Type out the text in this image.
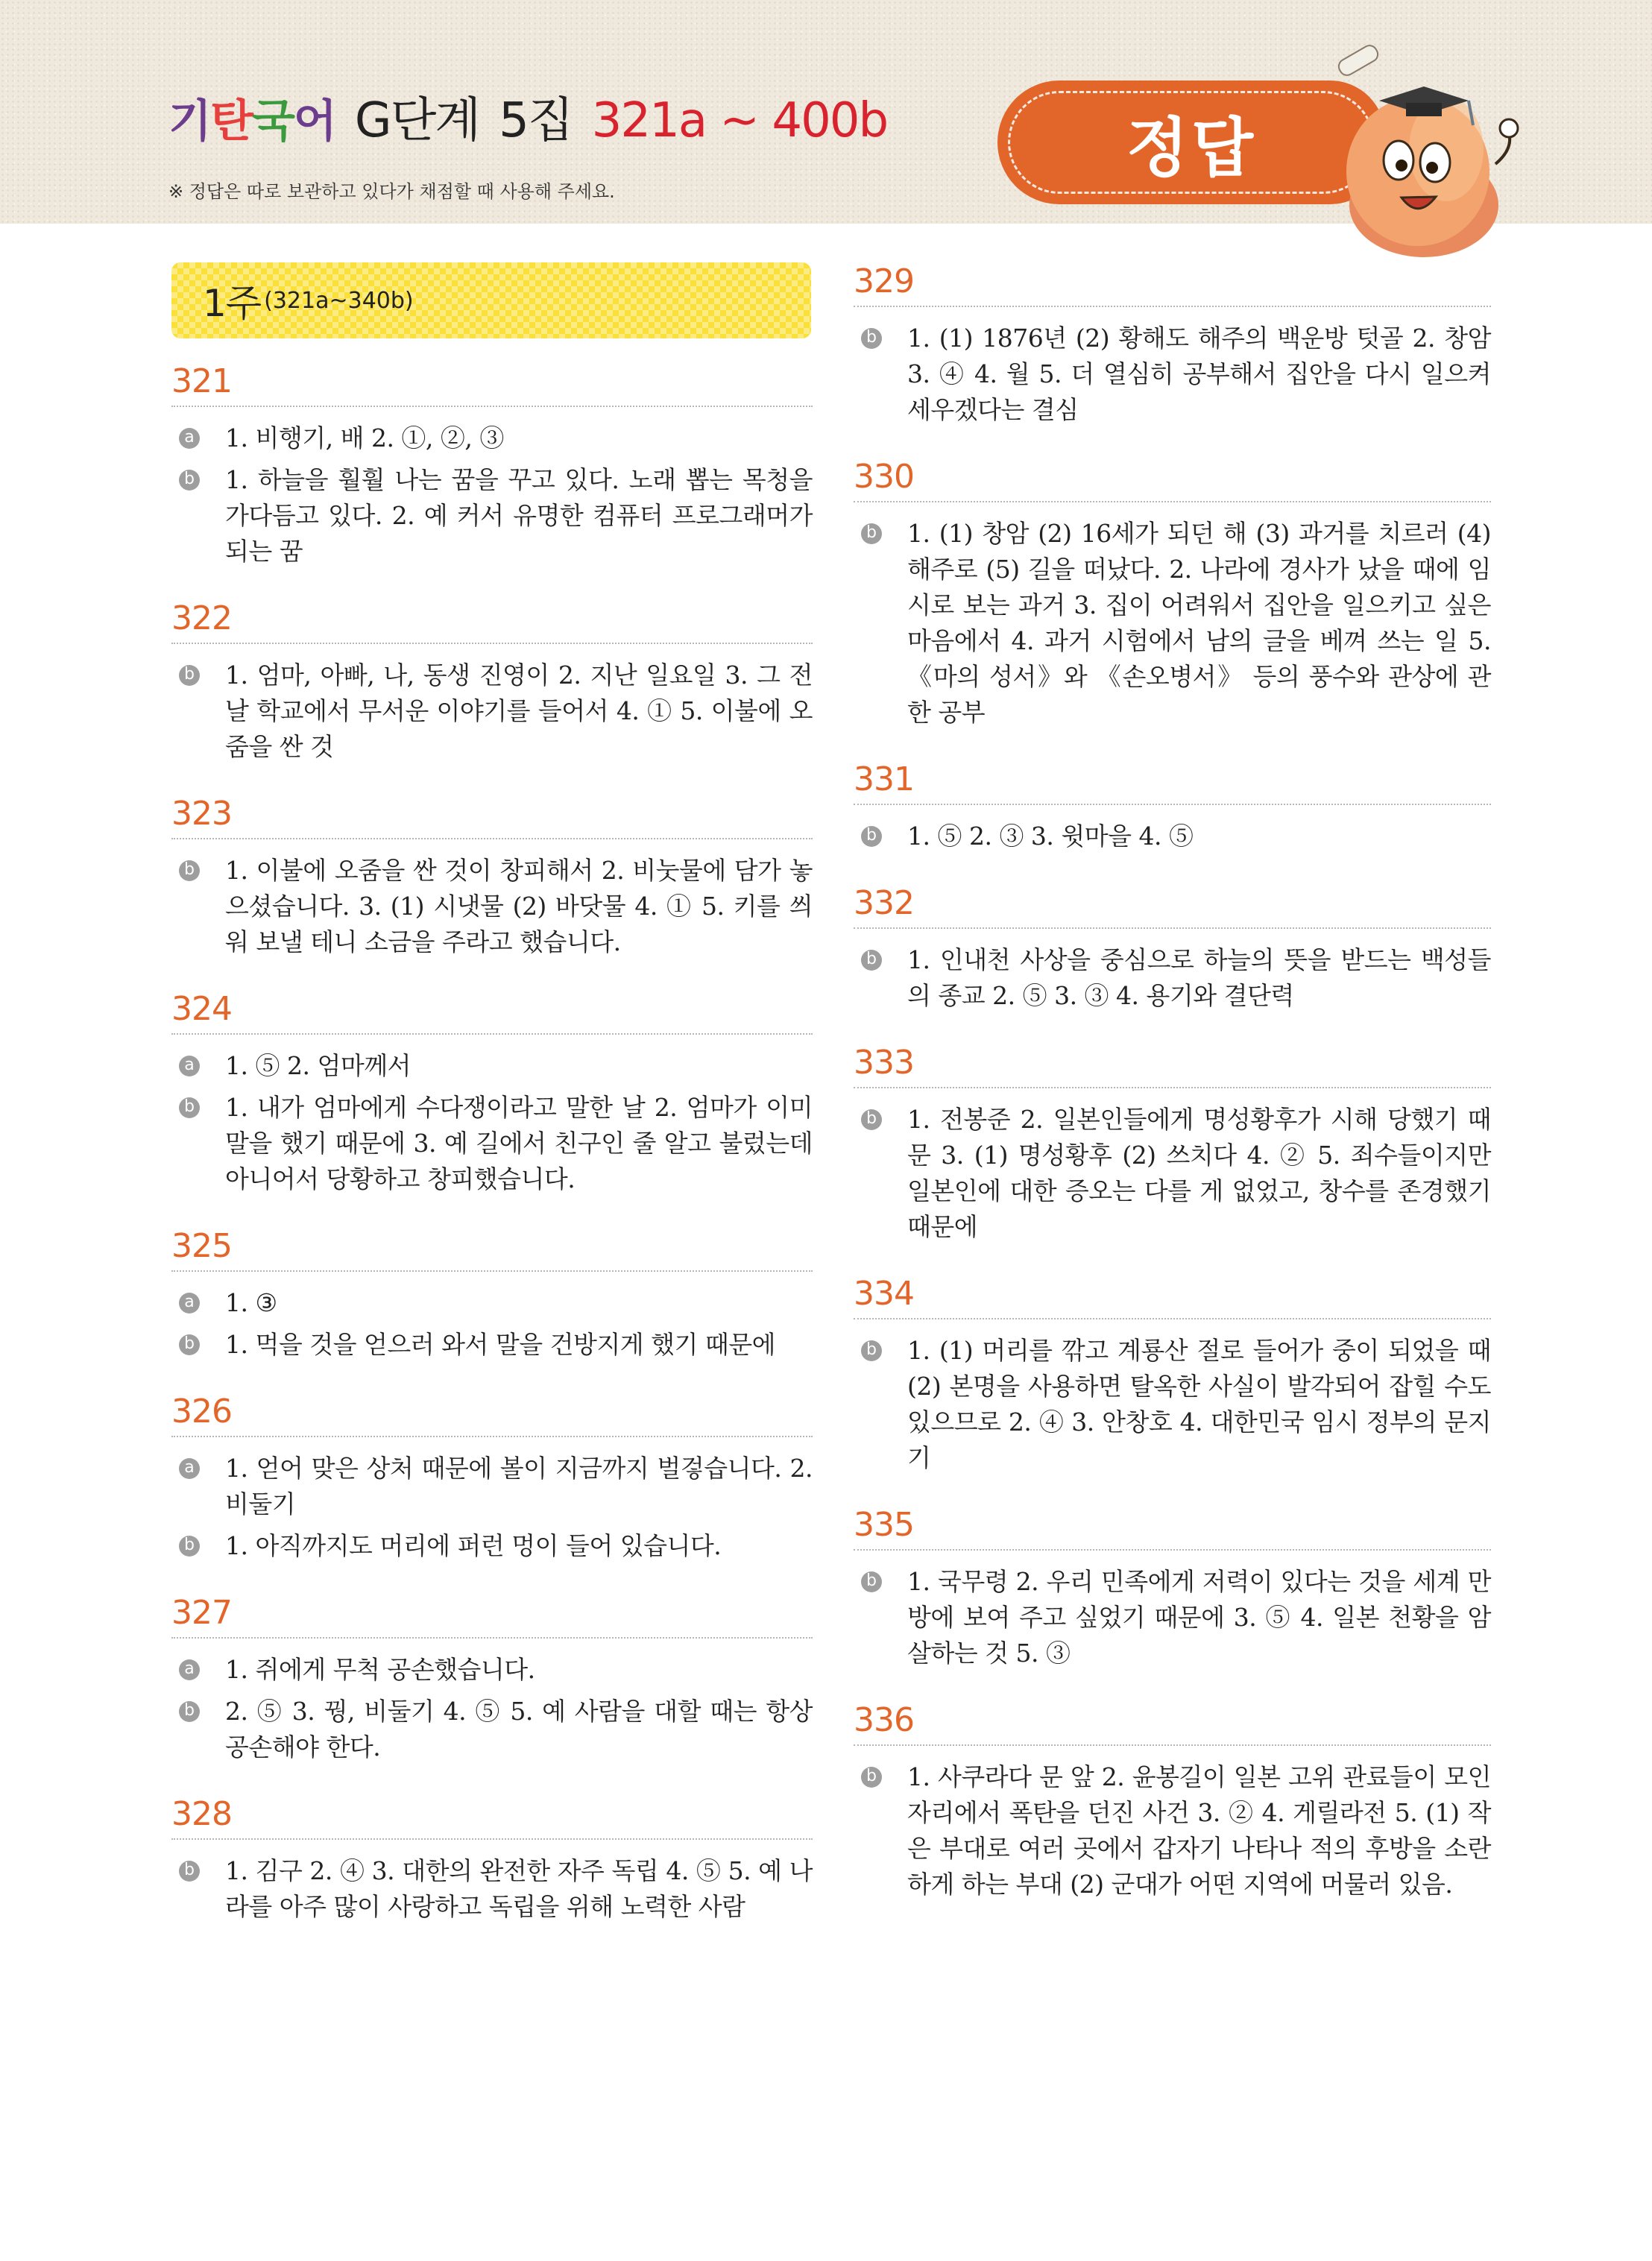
기탄국어 G단계 5집 321a ~ 400b
※ 정답은 따로 보관하고 있다가 채점할 때 사용해 주세요.
정답
1주 (321a~340b)
321
a 1. 비행기, 배 2. ①, ②, ③
b 1. 하늘을 훨훨 나는 꿈을 꾸고 있다. 노래 뽑는 목청을 가다듬고 있다. 2. 예 커서 유명한 컴퓨터 프로그래머가 되는 꿈
322
b 1. 엄마, 아빠, 나, 동생 진영이 2. 지난 일요일 3. 그 전날 학교에서 무서운 이야기를 들어서 4. ① 5. 이불에 오줌을 싼 것
323
b 1. 이불에 오줌을 싼 것이 창피해서 2. 비눗물에 담가 놓으셨습니다. 3. (1) 시냇물 (2) 바닷물 4. ① 5. 키를 씌워 보낼 테니 소금을 주라고 했습니다.
324
a 1. ⑤ 2. 엄마께서
b 1. 내가 엄마에게 수다쟁이라고 말한 날 2. 엄마가 이미 말을 했기 때문에 3. 예 길에서 친구인 줄 알고 불렀는데 아니어서 당황하고 창피했습니다.
325
a 1. ③
b 1. 먹을 것을 얻으러 와서 말을 건방지게 했기 때문에
326
a 1. 얻어 맞은 상처 때문에 볼이 지금까지 벌겋습니다. 2. 비둘기
b 1. 아직까지도 머리에 퍼런 멍이 들어 있습니다.
327
a 1. 쥐에게 무척 공손했습니다.
b 2. ⑤ 3. 꿩, 비둘기 4. ⑤ 5. 예 사람을 대할 때는 항상 공손해야 한다.
328
b 1. 김구 2. ④ 3. 대한의 완전한 자주 독립 4. ⑤ 5. 예 나라를 아주 많이 사랑하고 독립을 위해 노력한 사람
329
b 1. (1) 1876년 (2) 황해도 해주의 백운방 텃골 2. 창암 3. ④ 4. 월 5. 더 열심히 공부해서 집안을 다시 일으켜 세우겠다는 결심
330
b 1. (1) 창암 (2) 16세가 되던 해 (3) 과거를 치르러 (4) 해주로 (5) 길을 떠났다. 2. 나라에 경사가 났을 때에 임시로 보는 과거 3. 집이 어려워서 집안을 일으키고 싶은 마음에서 4. 과거 시험에서 남의 글을 베껴 쓰는 일 5. 《마의 성서》와 《손오병서》 등의 풍수와 관상에 관한 공부
331
b 1. ⑤ 2. ③ 3. 윗마을 4. ⑤
332
b 1. 인내천 사상을 중심으로 하늘의 뜻을 받드는 백성들의 종교 2. ⑤ 3. ③ 4. 용기와 결단력
333
b 1. 전봉준 2. 일본인들에게 명성황후가 시해 당했기 때문 3. (1) 명성황후 (2) 쓰치다 4. ② 5. 죄수들이지만 일본인에 대한 증오는 다를 게 없었고, 창수를 존경했기 때문에
334
b 1. (1) 머리를 깎고 계룡산 절로 들어가 중이 되었을 때 (2) 본명을 사용하면 탈옥한 사실이 발각되어 잡힐 수도 있으므로 2. ④ 3. 안창호 4. 대한민국 임시 정부의 문지기
335
b 1. 국무령 2. 우리 민족에게 저력이 있다는 것을 세계 만방에 보여 주고 싶었기 때문에 3. ⑤ 4. 일본 천황을 암살하는 것 5. ③
336
b 1. 사쿠라다 문 앞 2. 윤봉길이 일본 고위 관료들이 모인 자리에서 폭탄을 던진 사건 3. ② 4. 게릴라전 5. (1) 작은 부대로 여러 곳에서 갑자기 나타나 적의 후방을 소란하게 하는 부대 (2) 군대가 어떤 지역에 머물러 있음.
